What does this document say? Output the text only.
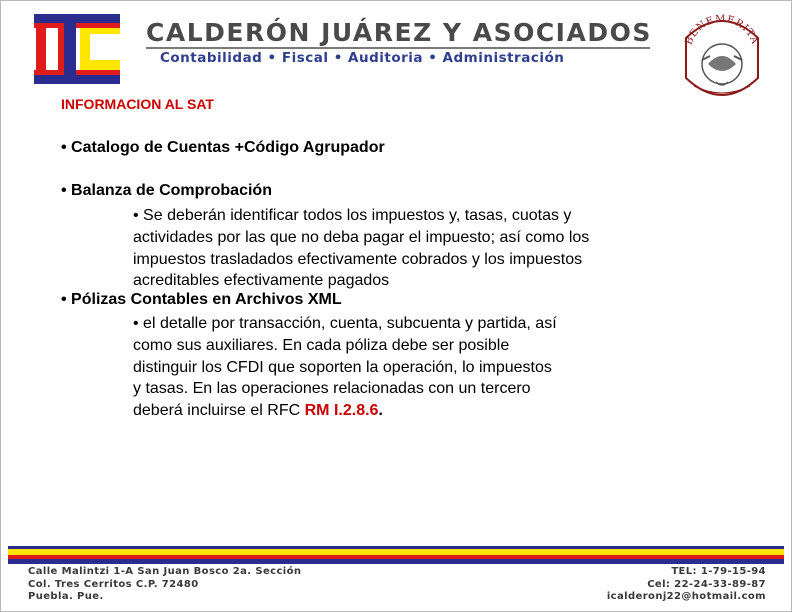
CALDERÓN JUÁREZ Y ASOCIADOS
Contabilidad • Fiscal • Auditoria • Administración
BENEMERITA
INFORMACION AL SAT
• Catalogo de Cuentas +Código Agrupador
• Balanza de Comprobación
• Se deberán identificar todos los impuestos y, tasas, cuotas y
actividades por las que no deba pagar el impuesto; así como los
impuestos trasladados efectivamente cobrados y los impuestos
acreditables efectivamente pagados
• Pólizas Contables en Archivos XML
• el detalle por transacción, cuenta, subcuenta y partida, así
como sus auxiliares. En cada póliza debe ser posible
distinguir los CFDI que soporten la operación, lo impuestos
y tasas. En las operaciones relacionadas con un tercero
deberá incluirse el RFC RM I.2.8.6.
Calle Malintzi 1-A San Juan Bosco 2a. Sección
Col. Tres Cerritos C.P. 72480
Puebla. Pue.
TEL: 1-79-15-94
Cel: 22-24-33-89-87
icalderonj22@hotmail.com
